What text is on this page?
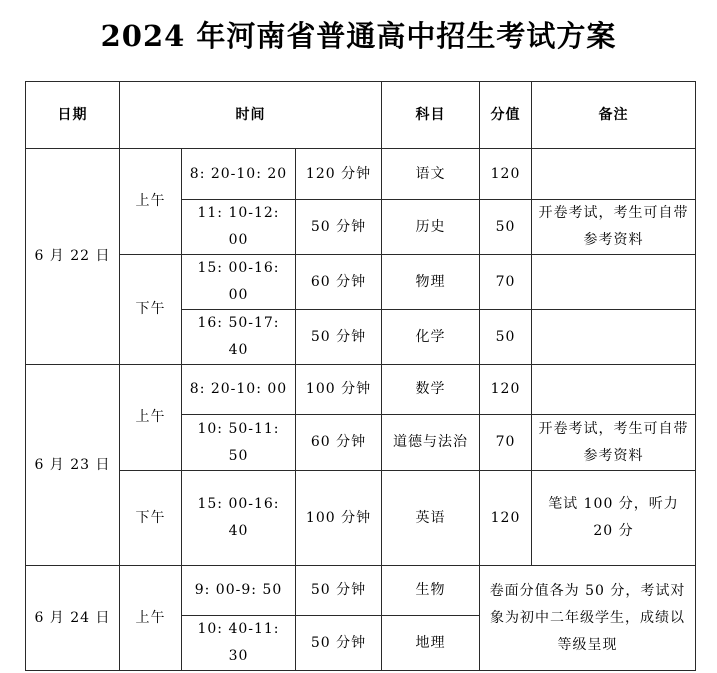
2024 年河南省普通高中招生考试方案
日期	时间			科目	分值	备注
6 月 22 日	上午	8: 20-10: 20	120 分钟	语文	120	
		11: 10-12: 00	50 分钟	历史	50	开卷考试，考生可自带参考资料
	下午	15: 00-16: 00	60 分钟	物理	70	
		16: 50-17: 40	50 分钟	化学	50	
6 月 23 日	上午	8: 20-10: 00	100 分钟	数学	120	
		10: 50-11: 50	60 分钟	道德与法治	70	开卷考试，考生可自带参考资料
	下午	15: 00-16: 40	100 分钟	英语	120	笔试 100 分，听力 20 分
6 月 24 日	上午	9: 00-9: 50	50 分钟	生物	卷面分值各为 50 分，考试对象为初中二年级学生，成绩以等级呈现	
		10: 40-11: 30	50 分钟	地理		
